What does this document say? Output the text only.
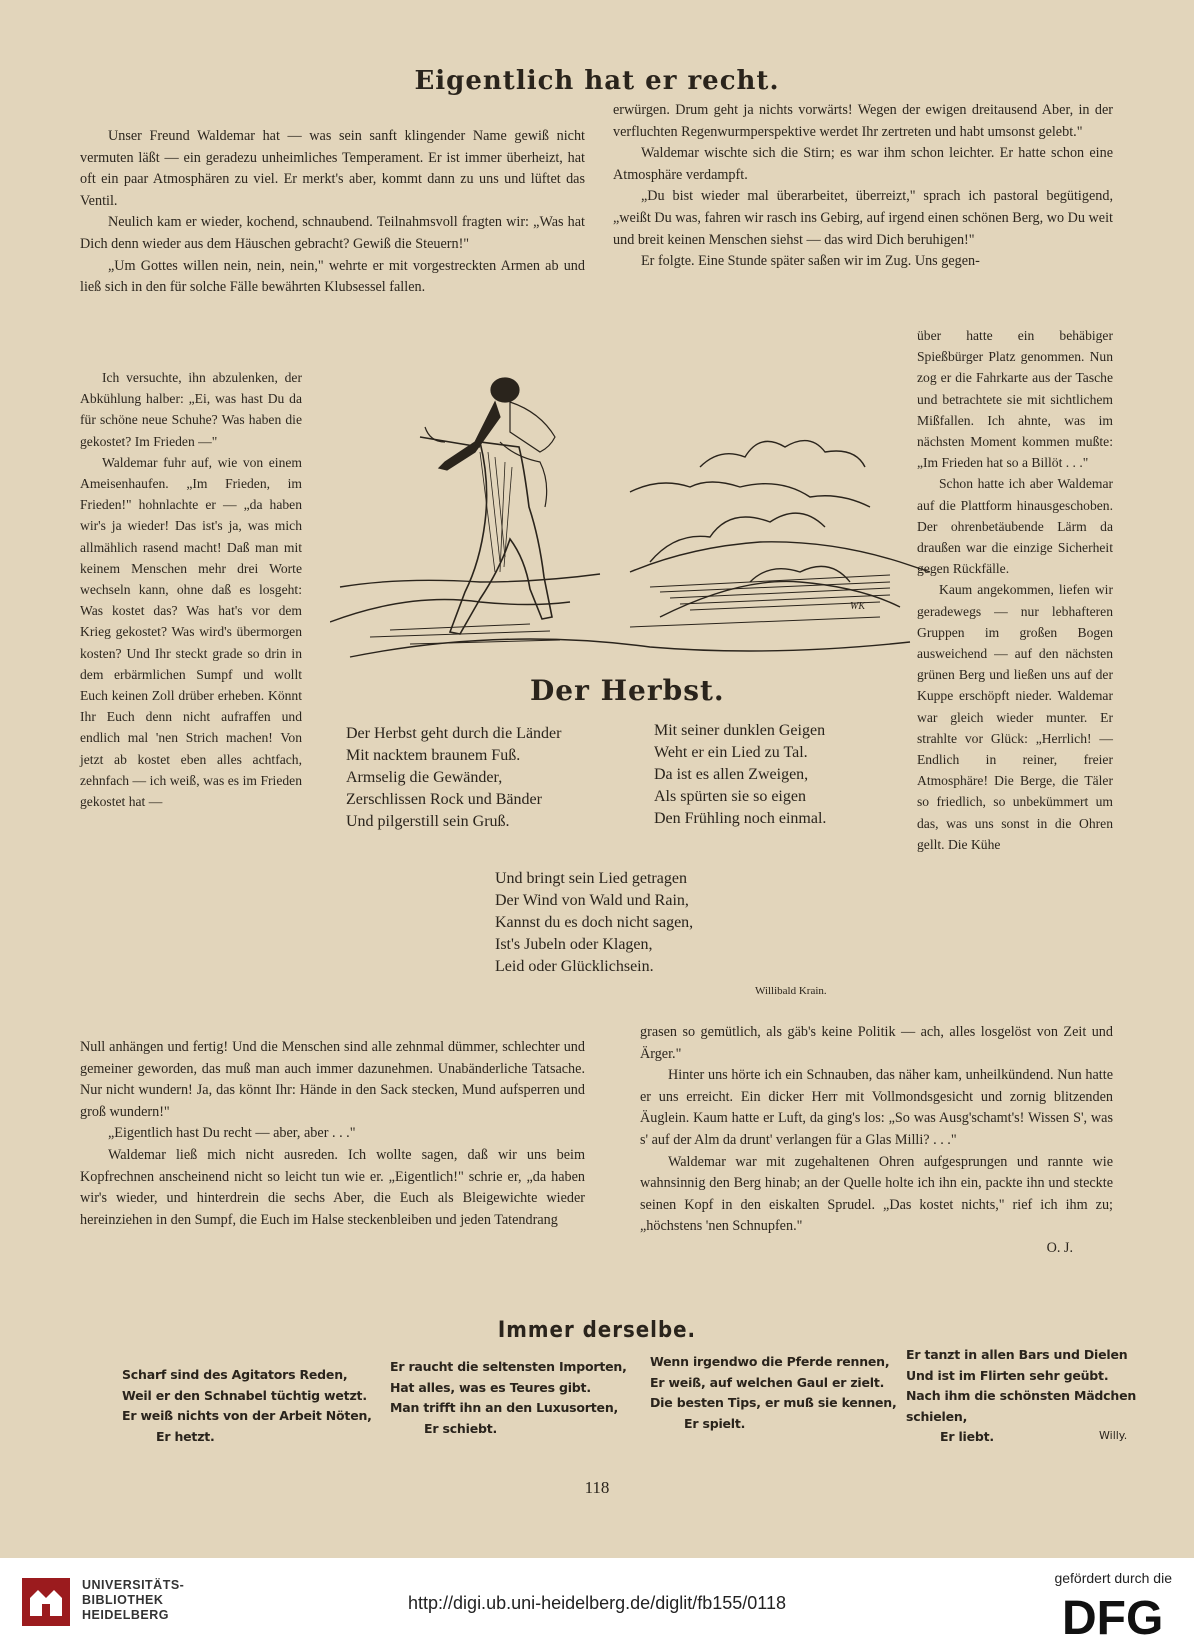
Eigentlich hat er recht.

Unser Freund Waldemar hat — was sein sanft klingender Name gewiß nicht vermuten läßt — ein geradezu unheimliches Temperament. Er ist immer überheizt, hat oft ein paar Atmosphären zu viel. Er merkt's aber, kommt dann zu uns und lüftet das Ventil.

Neulich kam er wieder, kochend, schnaubend. Teilnahmsvoll fragten wir: „Was hat Dich denn wieder aus dem Häuschen gebracht? Gewiß die Steuern!"

„Um Gottes willen nein, nein, nein," wehrte er mit vorgestreckten Armen ab und ließ sich in den für solche Fälle bewährten Klubsessel fallen.

Ich versuchte, ihn abzulenken, der Abkühlung halber: „Ei, was hast Du da für schöne neue Schuhe? Was haben die gekostet? Im Frieden —"

Waldemar fuhr auf, wie von einem Ameisenhaufen. „Im Frieden, im Frieden!" hohnlachte er — „da haben wir's ja wieder! Das ist's ja, was mich allmählich rasend macht! Daß man mit keinem Menschen mehr drei Worte wechseln kann, ohne daß es losgeht: Was kostet das? Was hat's vor dem Krieg gekostet? Was wird's übermorgen kosten? Und Ihr steckt grade so drin in dem erbärmlichen Sumpf und wollt Euch keinen Zoll drüber erheben. Könnt Ihr Euch denn nicht aufraffen und endlich mal 'nen Strich machen! Von jetzt ab kostet eben alles achtfach, zehnfach — ich weiß, was es im Frieden gekostet hat —

Null anhängen und fertig! Und die Menschen sind alle zehnmal dümmer, schlechter und gemeiner geworden, das muß man auch immer dazunehmen. Unabänderliche Tatsache. Nur nicht wundern! Ja, das könnt Ihr: Hände in den Sack stecken, Mund aufsperren und groß wundern!"

„Eigentlich hast Du recht — aber, aber . . ."

Waldemar ließ mich nicht ausreden. Ich wollte sagen, daß wir uns beim Kopfrechnen anscheinend nicht so leicht tun wie er. „Eigentlich!" schrie er, „da haben wir's wieder, und hinterdrein die sechs Aber, die Euch als Bleigewichte wieder hereinziehen in den Sumpf, die Euch im Halse steckenbleiben und jeden Tatendrang

erwürgen. Drum geht ja nichts vorwärts! Wegen der ewigen dreitausend Aber, in der verfluchten Regenwurmperspektive werdet Ihr zertreten und habt umsonst gelebt."

Waldemar wischte sich die Stirn; es war ihm schon leichter. Er hatte schon eine Atmosphäre verdampft.

„Du bist wieder mal überarbeitet, überreizt," sprach ich pastoral begütigend, „weißt Du was, fahren wir rasch ins Gebirg, auf irgend einen schönen Berg, wo Du weit und breit keinen Menschen siehst — das wird Dich beruhigen!"

Er folgte. Eine Stunde später saßen wir im Zug. Uns gegen-

über hatte ein behäbiger Spießbürger Platz genommen. Nun zog er die Fahrkarte aus der Tasche und betrachtete sie mit sichtlichem Mißfallen. Ich ahnte, was im nächsten Moment kommen mußte: „Im Frieden hat so a Billöt . . ."

Schon hatte ich aber Waldemar auf die Plattform hinausgeschoben. Der ohrenbetäubende Lärm da draußen war die einzige Sicherheit gegen Rückfälle.

Kaum angekommen, liefen wir geradewegs — nur lebhafteren Gruppen im großen Bogen ausweichend — auf den nächsten grünen Berg und ließen uns auf der Kuppe erschöpft nieder. Waldemar war gleich wieder munter. Er strahlte vor Glück: „Herrlich! — Endlich in reiner, freier Atmosphäre! Die Berge, die Täler so friedlich, so unbekümmert um das, was uns sonst in die Ohren gellt. Die Kühe

grasen so gemütlich, als gäb's keine Politik — ach, alles losgelöst von Zeit und Ärger."

Hinter uns hörte ich ein Schnauben, das näher kam, unheilkündend. Nun hatte er uns erreicht. Ein dicker Herr mit Vollmondsgesicht und zornig blitzenden Äuglein. Kaum hatte er Luft, da ging's los: „So was Ausg'schamt's! Wissen S', was s' auf der Alm da drunt' verlangen für a Glas Milli? . . ."

Waldemar war mit zugehaltenen Ohren aufgesprungen und rannte wie wahnsinnig den Berg hinab; an der Quelle holte ich ihn ein, packte ihn und steckte seinen Kopf in den eiskalten Sprudel. „Das kostet nichts," rief ich ihm zu; „höchstens 'nen Schnupfen."

O. J.
WK
Der Herbst.
Der Herbst geht durch die Länder
Mit nacktem braunem Fuß.
Armselig die Gewänder,
Zerschlissen Rock und Bänder
Und pilgerstill sein Gruß.
Mit seiner dunklen Geigen
Weht er ein Lied zu Tal.
Da ist es allen Zweigen,
Als spürten sie so eigen
Den Frühling noch einmal.
Und bringt sein Lied getragen
Der Wind von Wald und Rain,
Kannst du es doch nicht sagen,
Ist's Jubeln oder Klagen,
Leid oder Glücklichsein.
Willibald Krain.
Immer derselbe.
Scharf sind des Agitators Reden,
Weil er den Schnabel tüchtig wetzt.
Er weiß nichts von der Arbeit Nöten,
Er hetzt.
Er raucht die seltensten Importen,
Hat alles, was es Teures gibt.
Man trifft ihn an den Luxusorten,
Er schiebt.
Wenn irgendwo die Pferde rennen,
Er weiß, auf welchen Gaul er zielt.
Die besten Tips, er muß sie kennen,
Er spielt.
Er tanzt in allen Bars und Dielen
Und ist im Flirten sehr geübt.
Nach ihm die schönsten Mädchen schielen,
Er liebt.	Willy.
118
UNIVERSITÄTS-
BIBLIOTHEK
HEIDELBERG
http://digi.ub.uni-heidelberg.de/diglit/fb155/0118
gefördert durch die
DFG
